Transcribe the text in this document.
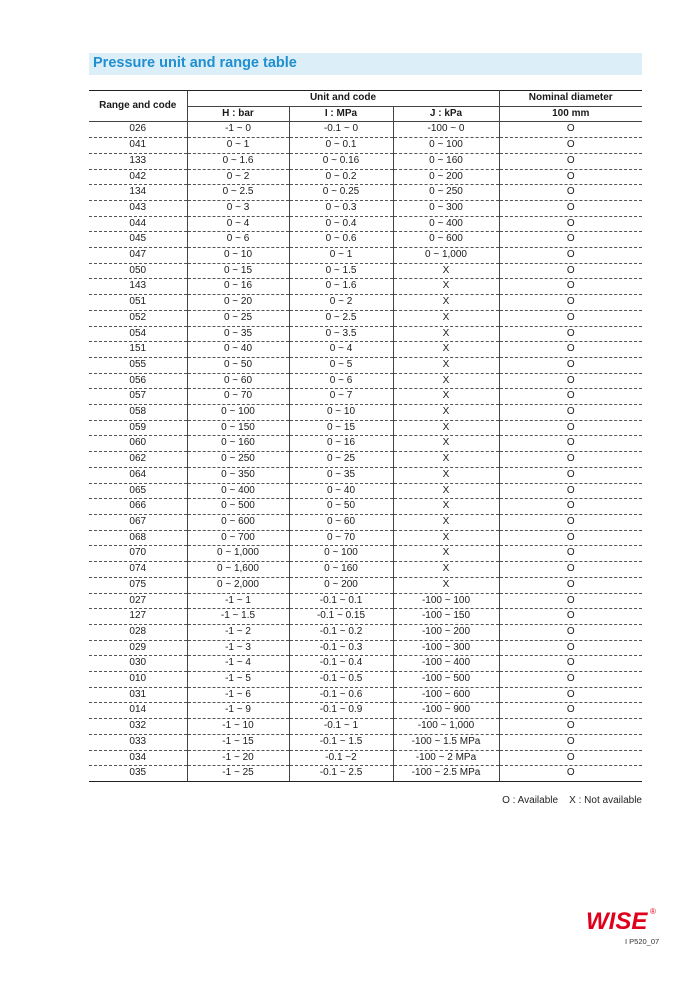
Pressure unit and range table
Range and code	Unit and code			Nominal diameter
	H : bar	I : MPa	J : kPa	100 mm
026	-1 ~ 0	-0.1 ~ 0	-100 ~ 0	O
041	0 ~ 1	0 ~ 0.1	0 ~ 100	O
133	0 ~ 1.6	0 ~ 0.16	0 ~ 160	O
042	0 ~ 2	0 ~ 0.2	0 ~ 200	O
134	0 ~ 2.5	0 ~ 0.25	0 ~ 250	O
043	0 ~ 3	0 ~ 0.3	0 ~ 300	O
044	0 ~ 4	0 ~ 0.4	0 ~ 400	O
045	0 ~ 6	0 ~ 0.6	0 ~ 600	O
047	0 ~ 10	0 ~ 1	0 ~ 1,000	O
050	0 ~ 15	0 ~ 1.5	X	O
143	0 ~ 16	0 ~ 1.6	X	O
051	0 ~ 20	0 ~ 2	X	O
052	0 ~ 25	0 ~ 2.5	X	O
054	0 ~ 35	0 ~ 3.5	X	O
151	0 ~ 40	0 ~ 4	X	O
055	0 ~ 50	0 ~ 5	X	O
056	0 ~ 60	0 ~ 6	X	O
057	0 ~ 70	0 ~ 7	X	O
058	0 ~ 100	0 ~ 10	X	O
059	0 ~ 150	0 ~ 15	X	O
060	0 ~ 160	0 ~ 16	X	O
062	0 ~ 250	0 ~ 25	X	O
064	0 ~ 350	0 ~ 35	X	O
065	0 ~ 400	0 ~ 40	X	O
066	0 ~ 500	0 ~ 50	X	O
067	0 ~ 600	0 ~ 60	X	O
068	0 ~ 700	0 ~ 70	X	O
070	0 ~ 1,000	0 ~ 100	X	O
074	0 ~ 1,600	0 ~ 160	X	O
075	0 ~ 2,000	0 ~ 200	X	O
027	-1 ~ 1	-0.1 ~ 0.1	-100 ~ 100	O
127	-1 ~ 1.5	-0.1 ~ 0.15	-100 ~ 150	O
028	-1 ~ 2	-0.1 ~ 0.2	-100 ~ 200	O
029	-1 ~ 3	-0.1 ~ 0.3	-100 ~ 300	O
030	-1 ~ 4	-0.1 ~ 0.4	-100 ~ 400	O
010	-1 ~ 5	-0.1 ~ 0.5	-100 ~ 500	O
031	-1 ~ 6	-0.1 ~ 0.6	-100 ~ 600	O
014	-1 ~ 9	-0.1 ~ 0.9	-100 ~ 900	O
032	-1 ~ 10	-0.1 ~ 1	-100 ~ 1,000	O
033	-1 ~ 15	-0.1 ~ 1.5	-100 ~ 1.5 MPa	O
034	-1 ~ 20	-0.1 ~2	-100 ~ 2 MPa	O
035	-1 ~ 25	-0.1 ~ 2.5	-100 ~ 2.5 MPa	O
O : Available X : Not available
WISE ®
I P520_07
